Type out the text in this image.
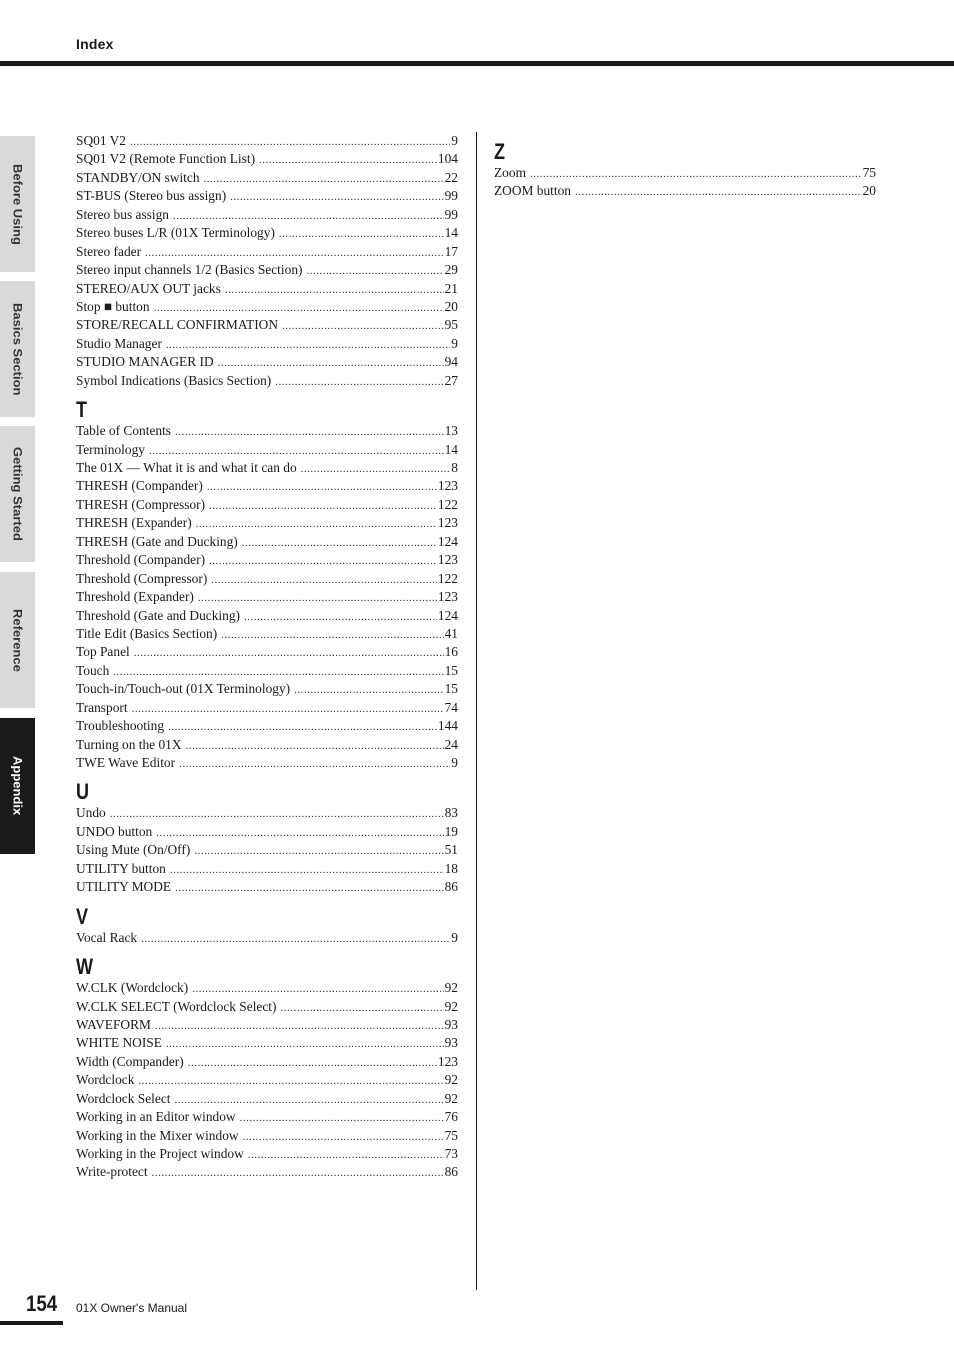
Index
Before Using
Basics Section
Getting Started
Reference
Appendix
SQ01 V2 .....	9
SQ01 V2 (Remote Function List) .....	104
STANDBY/ON switch .....	22
ST-BUS (Stereo bus assign) .....	99
Stereo bus assign .....	99
Stereo buses L/R (01X Terminology) .....	14
Stereo fader .....	17
Stereo input channels 1/2 (Basics Section) .....	29
STEREO/AUX OUT jacks .....	21
Stop ■ button .....	20
STORE/RECALL CONFIRMATION .....	95
Studio Manager .....	9
STUDIO MANAGER ID .....	94
Symbol Indications (Basics Section) .....	27
T
Table of Contents .....	13
Terminology .....	14
The 01X — What it is and what it can do .....	8
THRESH (Compander) .....	123
THRESH (Compressor) .....	122
THRESH (Expander) .....	123
THRESH (Gate and Ducking) .....	124
Threshold (Compander) .....	123
Threshold (Compressor) .....	122
Threshold (Expander) .....	123
Threshold (Gate and Ducking) .....	124
Title Edit (Basics Section) .....	41
Top Panel .....	16
Touch .....	15
Touch-in/Touch-out (01X Terminology) .....	15
Transport .....	74
Troubleshooting .....	144
Turning on the 01X .....	24
TWE Wave Editor .....	9
U
Undo .....	83
UNDO button .....	19
Using Mute (On/Off) .....	51
UTILITY button .....	18
UTILITY MODE .....	86
V
Vocal Rack .....	9
W
W.CLK (Wordclock) .....	92
W.CLK SELECT (Wordclock Select) .....	92
WAVEFORM .....	93
WHITE NOISE .....	93
Width (Compander) .....	123
Wordclock .....	92
Wordclock Select .....	92
Working in an Editor window .....	76
Working in the Mixer window .....	75
Working in the Project window .....	73
Write-protect .....	86
Z
Zoom .....	75
ZOOM button .....	20
154 01X Owner's Manual
